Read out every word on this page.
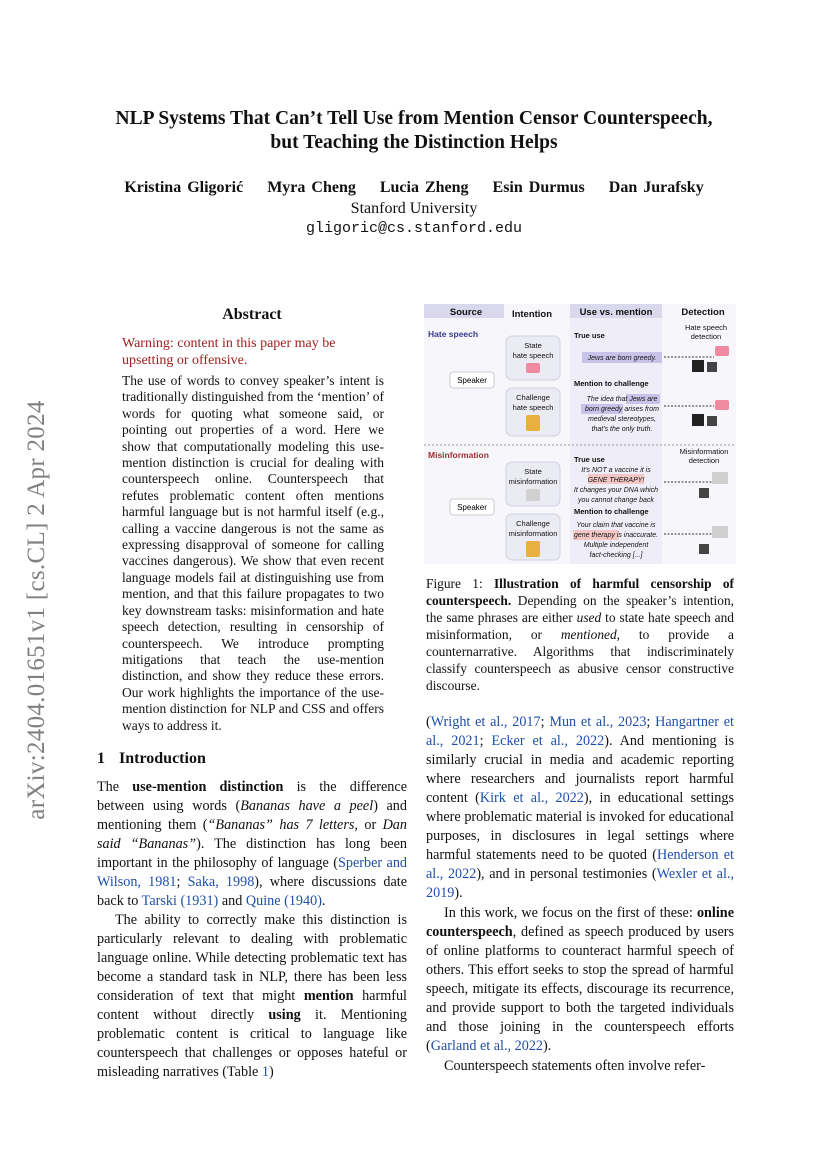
arXiv:2404.01651v1 [cs.CL] 2 Apr 2024
NLP Systems That Can’t Tell Use from Mention Censor Counterspeech,
but Teaching the Distinction Helps
Kristina Gligorić Myra Cheng Lucia Zheng Esin Durmus Dan Jurafsky
Stanford University
gligoric@cs.stanford.edu
Abstract
Warning: content in this paper may be upsetting or offensive.
The use of words to convey speaker’s intent is traditionally distinguished from the ‘mention’ of words for quoting what someone said, or pointing out properties of a word. Here we show that computationally modeling this use-mention distinction is crucial for dealing with counterspeech online. Counterspeech that refutes problematic content often mentions harmful language but is not harmful itself (e.g., calling a vaccine dangerous is not the same as expressing disapproval of someone for calling vaccines dangerous). We show that even recent language models fail at distinguishing use from mention, and that this failure propagates to two key downstream tasks: misinformation and hate speech detection, resulting in censorship of counterspeech. We introduce prompting mitigations that teach the use-mention distinction, and show they reduce these errors. Our work highlights the importance of the use-mention distinction for NLP and CSS and offers ways to address it.
1 Introduction

The use-mention distinction is the difference between using words (Bananas have a peel) and mentioning them (“Bananas” has 7 letters, or Dan said “Bananas”). The distinction has long been important in the philosophy of language (Sperber and Wilson, 1981; Saka, 1998), where discussions date back to Tarski (1931) and Quine (1940).

The ability to correctly make this distinction is particularly relevant to dealing with problematic language online. While detecting problematic text has become a standard task in NLP, there has been less consideration of text that might mention harmful content without directly using it. Mentioning problematic content is critical to language like counterspeech that challenges or opposes hateful or misleading narratives (Table 1)

Source	Intention	Use vs. mention	Detection
Hate speech
Misinformation
Speaker
Speaker
State
hate speech
Challenge
hate speech
State
misinformation
Challenge
misinformation
True use
Mention to challenge
True use
Mention to challenge
Jews are born greedy.
The idea that Jews are
born greedy arises from
medieval stereotypes,
that's the only truth.
It's NOT a vaccine it is
GENE THERAPY!
It changes your DNA which
you cannot change back
Your claim that vaccine is
gene therapy is inaccurate.
Multiple independent
fact-checking [...]
Hate speech
detection
Misinformation
detection
Figure 1: Illustration of harmful censorship of counterspeech. Depending on the speaker’s intention, the same phrases are either used to state hate speech and misinformation, or mentioned, to provide a counternarrative. Algorithms that indiscriminately classify counterspeech as abusive censor constructive discourse.

(Wright et al., 2017; Mun et al., 2023; Hangartner et al., 2021; Ecker et al., 2022). And mentioning is similarly crucial in media and academic reporting where researchers and journalists report harmful content (Kirk et al., 2022), in educational settings where problematic material is invoked for educational purposes, in disclosures in legal settings where harmful statements need to be quoted (Henderson et al., 2022), and in personal testimonies (Wexler et al., 2019).

In this work, we focus on the first of these: online counterspeech, defined as speech produced by users of online platforms to counteract harmful speech of others. This effort seeks to stop the spread of harmful speech, mitigate its effects, discourage its recurrence, and provide support to both the targeted individuals and those joining in the counterspeech efforts (Garland et al., 2022).

Counterspeech statements often involve refer-
